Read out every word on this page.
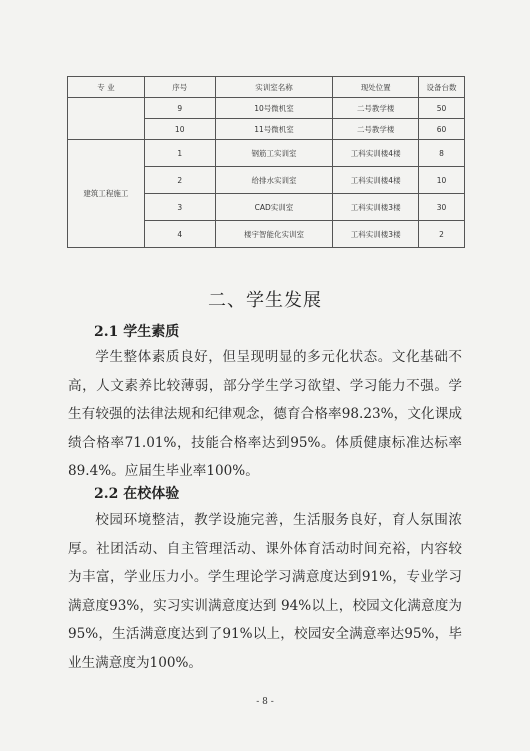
专 业	序号	实训室名称	现处位置	设备台数
	9	10号微机室	二号教学楼	50
	10	11号微机室	二号教学楼	60
建筑工程施工	1	钢筋工实训室	工科实训楼4楼	8
	2	给排水实训室	工科实训楼4楼	10
	3	CAD实训室	工科实训楼3楼	30
	4	楼宇智能化实训室	工科实训楼3楼	2
二、学生发展
2.1 学生素质

学生整体素质良好，但呈现明显的多元化状态。文化基础不高，人文素养比较薄弱，部分学生学习欲望、学习能力不强。学生有较强的法律法规和纪律观念，德育合格率98.23%，文化课成绩合格率71.01%，技能合格率达到95%。体质健康标准达标率89.4%。应届生毕业率100%。

2.2 在校体验

校园环境整洁，教学设施完善，生活服务良好，育人氛围浓厚。社团活动、自主管理活动、课外体育活动时间充裕，内容较为丰富，学业压力小。学生理论学习满意度达到91%，专业学习满意度93%，实习实训满意度达到 94%以上，校园文化满意度为95%，生活满意度达到了91%以上，校园安全满意率达95%，毕业生满意度为100%。

- 8 -
